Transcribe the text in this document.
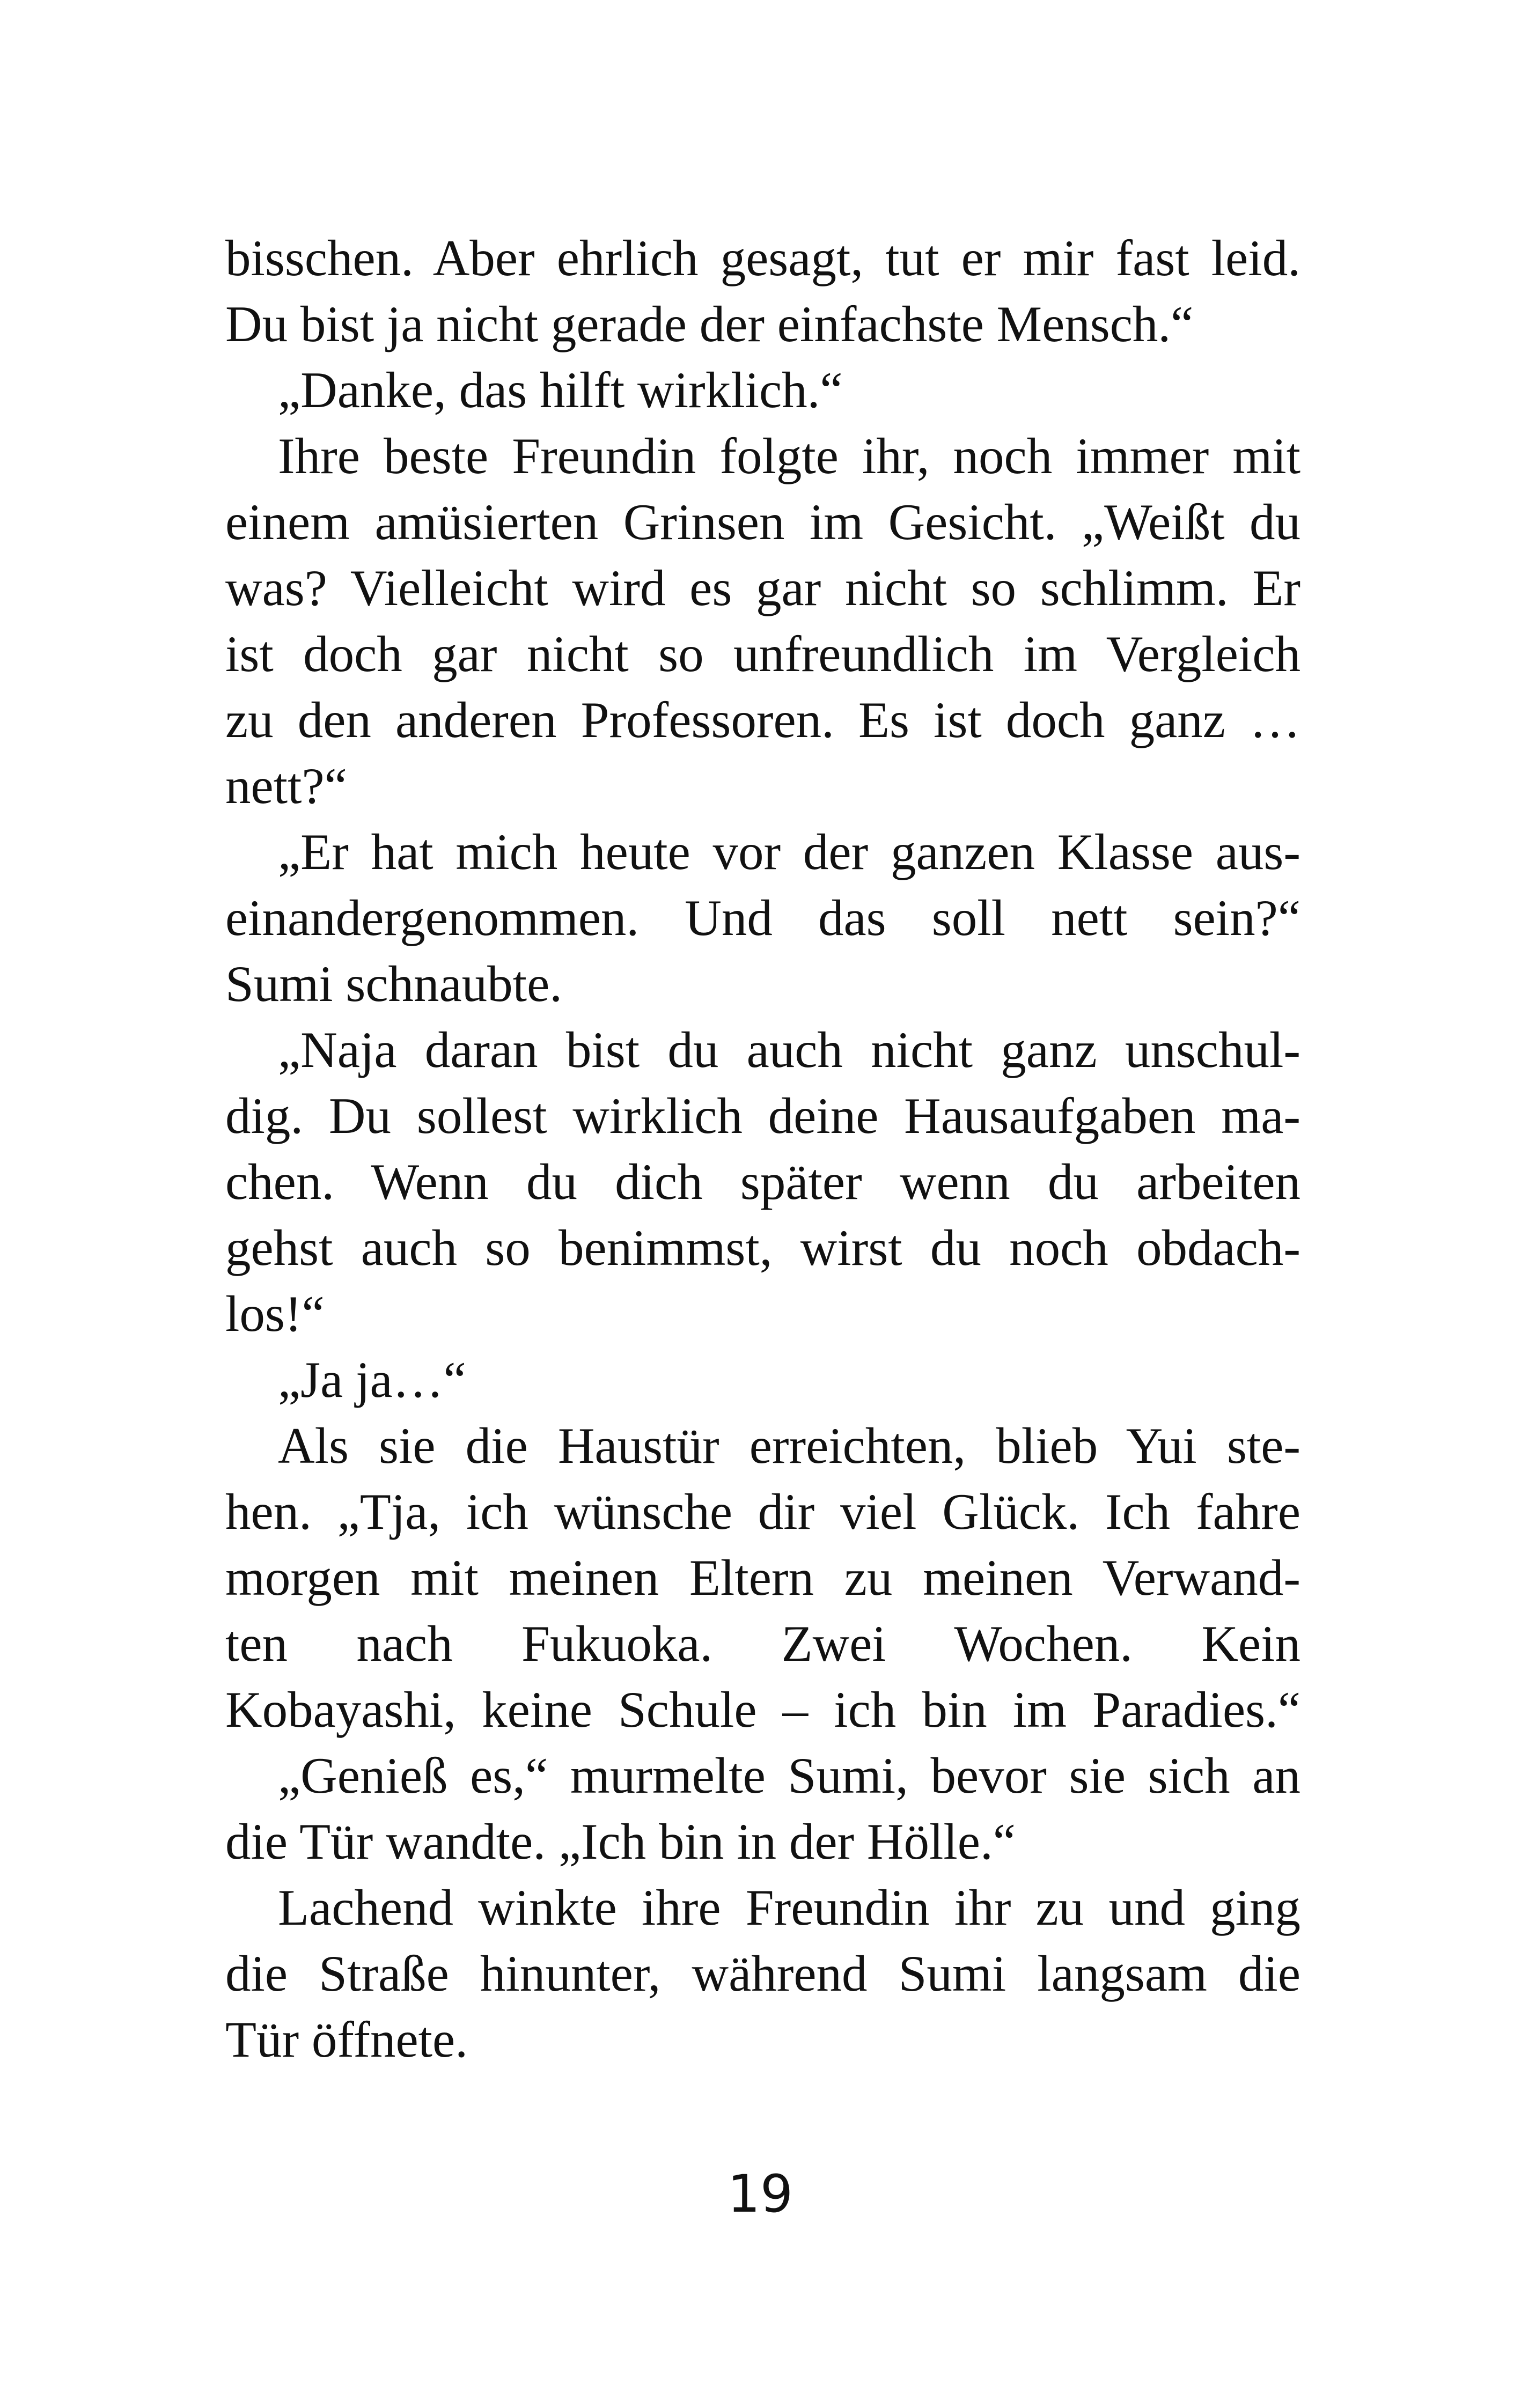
bisschen. Aber ehrlich gesagt, tut er mir fast leid.
Du bist ja nicht gerade der einfachste Mensch.“
„Danke, das hilft wirklich.“
Ihre beste Freundin folgte ihr, noch immer mit
einem amüsierten Grinsen im Gesicht. „Weißt du
was? Vielleicht wird es gar nicht so schlimm. Er
ist doch gar nicht so unfreundlich im Vergleich
zu den anderen Professoren. Es ist doch ganz …
nett?“
„Er hat mich heute vor der ganzen Klasse aus-
einandergenommen. Und das soll nett sein?“
Sumi schnaubte.
„Naja daran bist du auch nicht ganz unschul-
dig. Du sollest wirklich deine Hausaufgaben ma-
chen. Wenn du dich später wenn du arbeiten
gehst auch so benimmst, wirst du noch obdach-
los!“
„Ja ja…“
Als sie die Haustür erreichten, blieb Yui ste-
hen. „Tja, ich wünsche dir viel Glück. Ich fahre
morgen mit meinen Eltern zu meinen Verwand-
ten nach Fukuoka. Zwei Wochen. Kein
Kobayashi, keine Schule – ich bin im Paradies.“
„Genieß es,“ murmelte Sumi, bevor sie sich an
die Tür wandte. „Ich bin in der Hölle.“
Lachend winkte ihre Freundin ihr zu und ging
die Straße hinunter, während Sumi langsam die
Tür öffnete.
19
